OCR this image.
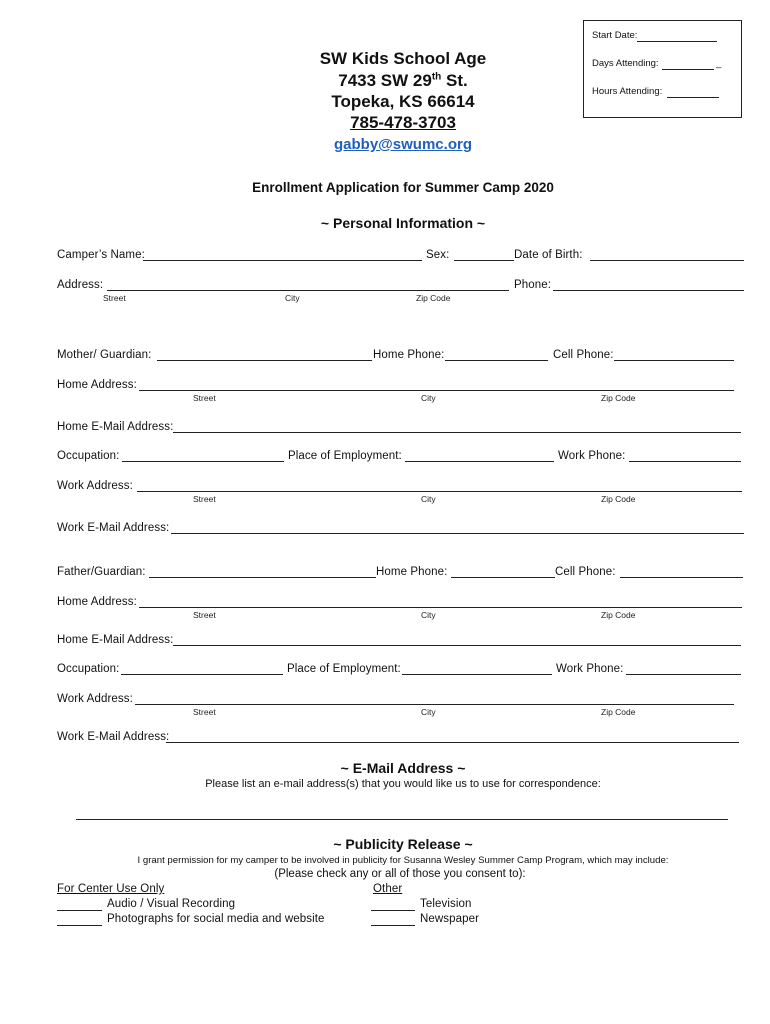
Start Date:
Days Attending:	_
Hours Attending:
SW Kids School Age
7433 SW 29th St.
Topeka, KS 66614
785-478-3703
gabby@swumc.org
Enrollment Application for Summer Camp 2020
~ Personal Information ~
Camper’s Name:	Sex:	Date of Birth:
Address:	Phone:
Street	City	Zip Code
Mother/ Guardian:	Home Phone:	Cell Phone:
Home Address:
Street	City	Zip Code
Home E-Mail Address:
Occupation:	Place of Employment:	Work Phone:
Work Address:
Street	City	Zip Code
Work E-Mail Address:
Father/Guardian:	Home Phone:	Cell Phone:
Home Address:
Street	City	Zip Code
Home E-Mail Address:
Occupation:	Place of Employment:	Work Phone:
Work Address:
Street	City	Zip Code
Work E-Mail Address:
~ E-Mail Address ~
Please list an e-mail address(s) that you would like us to use for correspondence:
~ Publicity Release ~
I grant permission for my camper to be involved in publicity for Susanna Wesley Summer Camp Program, which may include:
(Please check any or all of those you consent to):
For Center Use Only	Other
Audio / Visual Recording	Television
Photographs for social media and website	Newspaper
